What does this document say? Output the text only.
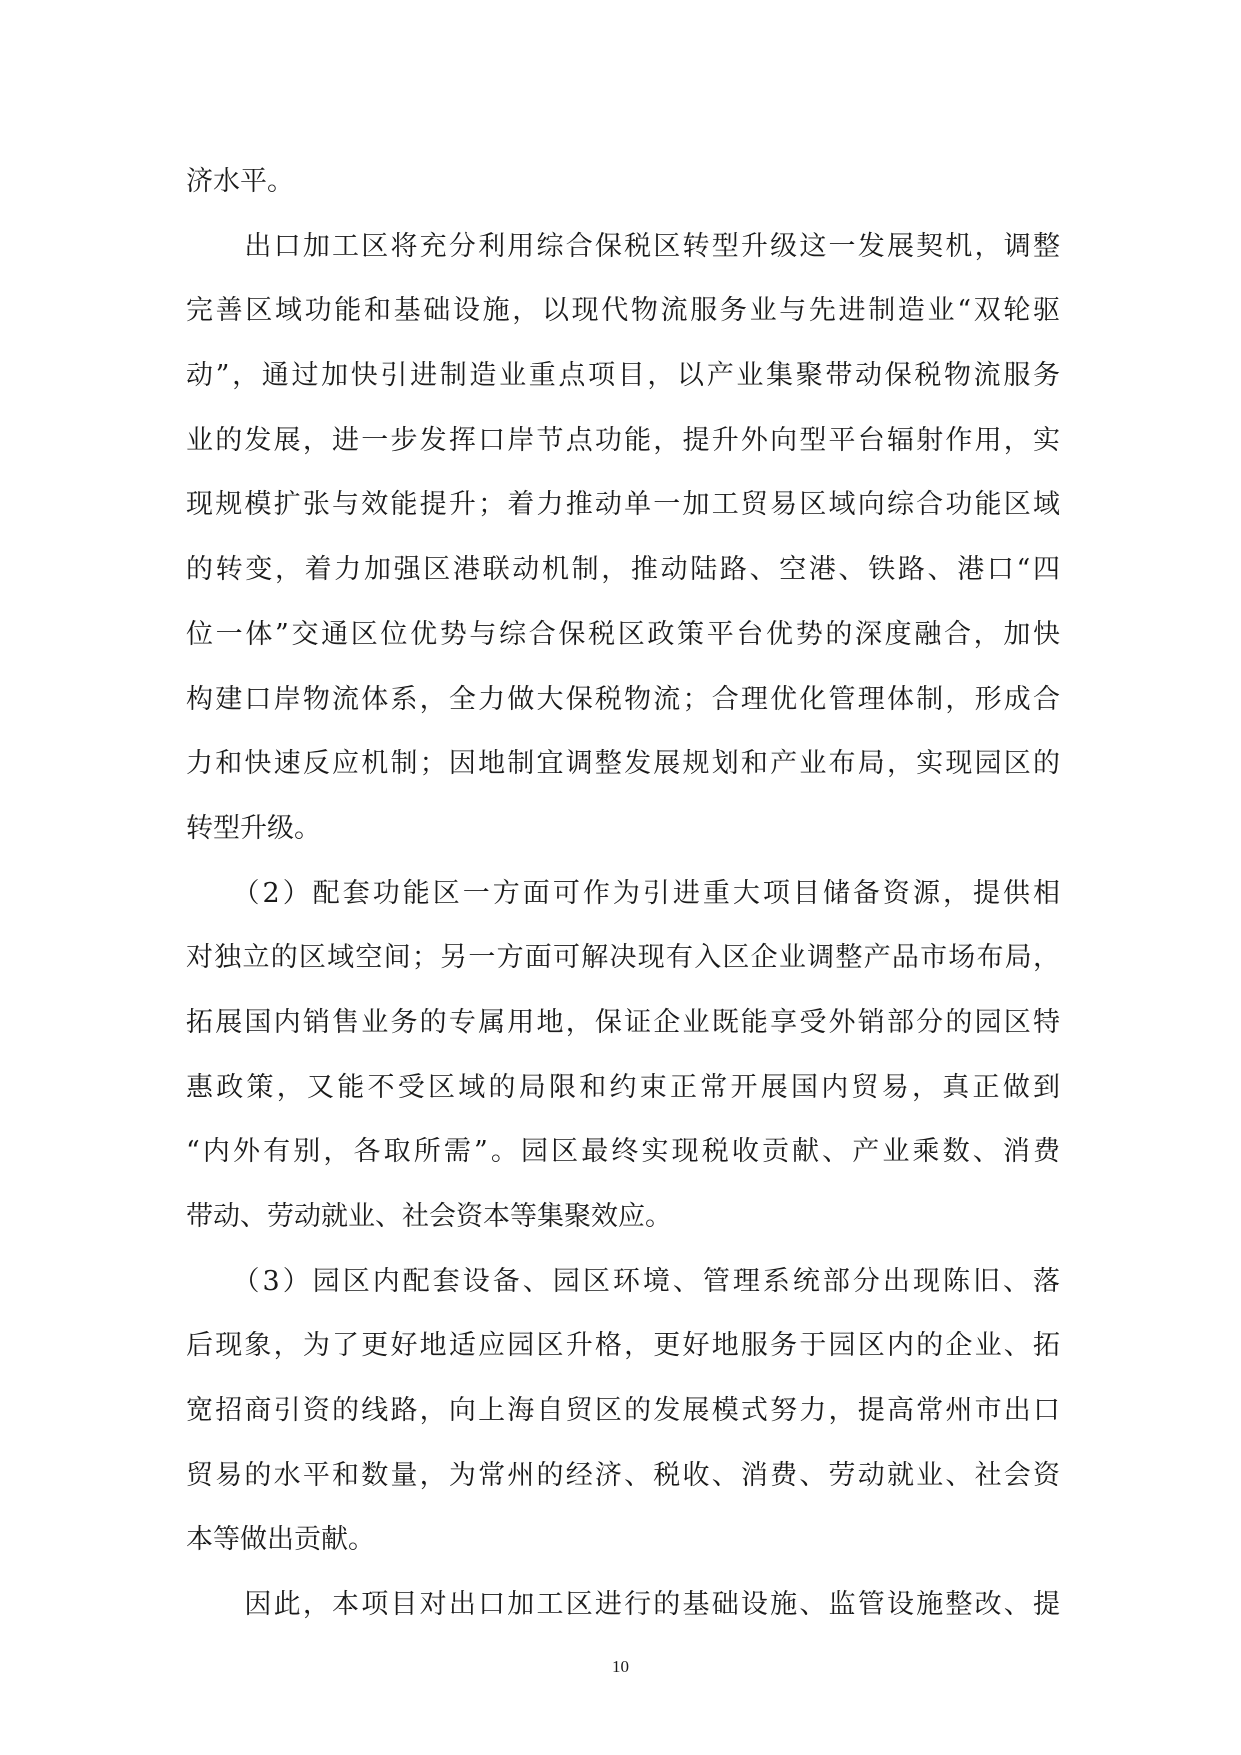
济水平。
　　出口加工区将充分利用综合保税区转型升级这一发展契机，调整
完善区域功能和基础设施，以现代物流服务业与先进制造业“双轮驱
动”，通过加快引进制造业重点项目，以产业集聚带动保税物流服务
业的发展，进一步发挥口岸节点功能，提升外向型平台辐射作用，实
现规模扩张与效能提升；着力推动单一加工贸易区域向综合功能区域
的转变，着力加强区港联动机制，推动陆路、空港、铁路、港口“四
位一体”交通区位优势与综合保税区政策平台优势的深度融合，加快
构建口岸物流体系，全力做大保税物流；合理优化管理体制，形成合
力和快速反应机制；因地制宜调整发展规划和产业布局，实现园区的
转型升级。
　　（2）配套功能区一方面可作为引进重大项目储备资源，提供相
对独立的区域空间；另一方面可解决现有入区企业调整产品市场布局，
拓展国内销售业务的专属用地，保证企业既能享受外销部分的园区特
惠政策，又能不受区域的局限和约束正常开展国内贸易，真正做到
“内外有别，各取所需”。园区最终实现税收贡献、产业乘数、消费
带动、劳动就业、社会资本等集聚效应。
　　（3）园区内配套设备、园区环境、管理系统部分出现陈旧、落
后现象，为了更好地适应园区升格，更好地服务于园区内的企业、拓
宽招商引资的线路，向上海自贸区的发展模式努力，提高常州市出口
贸易的水平和数量，为常州的经济、税收、消费、劳动就业、社会资
本等做出贡献。
　　因此，本项目对出口加工区进行的基础设施、监管设施整改、提
10
